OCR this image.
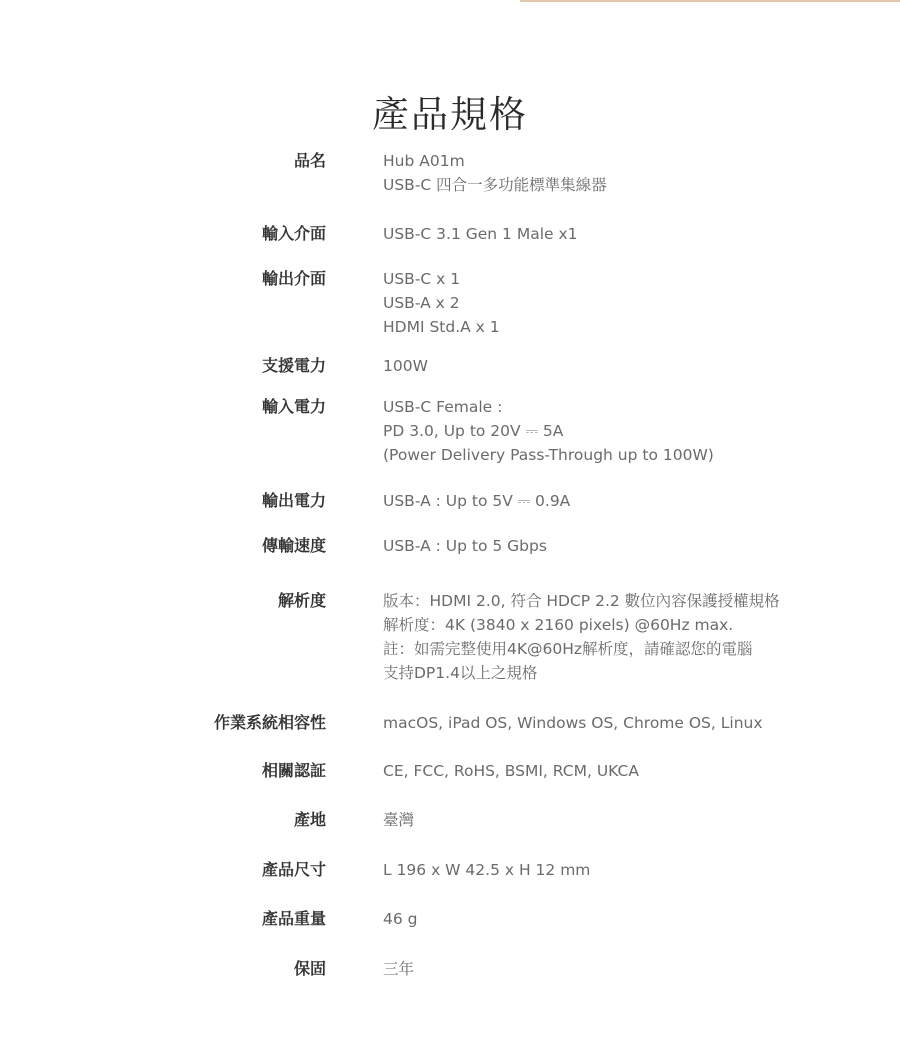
產品規格
品名	Hub A01m
USB-C 四合一多功能標準集線器
輸入介面	USB-C 3.1 Gen 1 Male x1
輸出介面	USB-C x 1
USB-A x 2
HDMI Std.A x 1
支援電力	100W
輸入電力	USB-C Female :
PD 3.0, Up to 20V ⎓ 5A
(Power Delivery Pass-Through up to 100W)
輸出電力	USB-A : Up to 5V ⎓ 0.9A
傳輸速度	USB-A : Up to 5 Gbps
解析度	版本：HDMI 2.0, 符合 HDCP 2.2 數位內容保護授權規格
解析度：4K (3840 x 2160 pixels) @60Hz max.
註：如需完整使用4K@60Hz解析度，請確認您的電腦
支持DP1.4以上之規格
作業系統相容性	macOS, iPad OS, Windows OS, Chrome OS, Linux
相關認証	CE, FCC, RoHS, BSMI, RCM, UKCA
產地	臺灣
產品尺寸	L 196 x W 42.5 x H 12 mm
產品重量	46 g
保固	三年
